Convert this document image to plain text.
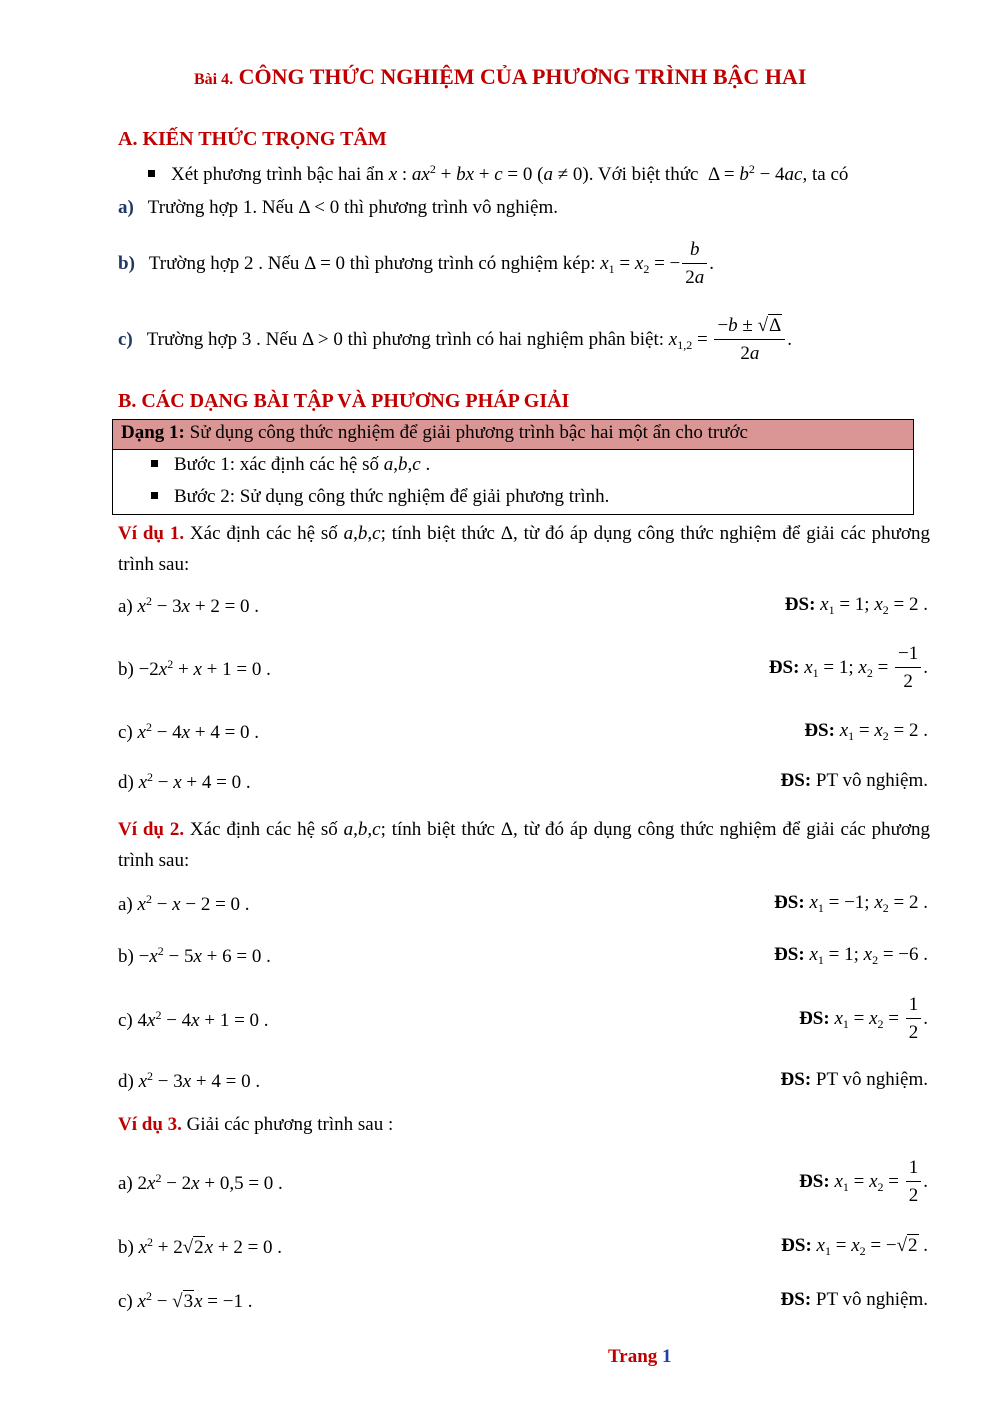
Bài 4. CÔNG THỨC NGHIỆM CỦA PHƯƠNG TRÌNH BẬC HAI
A. KIẾN THỨC TRỌNG TÂM
Xét phương trình bậc hai ẩn x : $ax^2$ + bx + c = 0 (a ≠ 0). Với biệt thức  $\Delta = b^2 - 4ac$, ta có
a) Trường hợp 1. Nếu Δ < 0 thì phương trình vô nghiệm.
b) Trường hợp 2 . Nếu Δ = 0 thì phương trình có nghiệm kép: $x_1 = x_2$ = − $\frac{b}{2a}$ .
c) Trường hợp 3 . Nếu Δ > 0 thì phương trình có hai nghiệm phân biệt: $x_{1,2} = \frac{-b \pm √\Delta}{2a}$ .
B. CÁC DẠNG BÀI TẬP VÀ PHƯƠNG PHÁP GIẢI
Dạng 1: Sử dụng công thức nghiệm để giải phương trình bậc hai một ẩn cho trước
Bước 1: xác định các hệ số a,b,c .
Bước 2: Sử dụng công thức nghiệm để giải phương trình.
Ví dụ 1. Xác định các hệ số a,b,c; tính biệt thức Δ, từ đó áp dụng công thức nghiệm để giải các phương trình sau:
a) $x^2 - 3x + 2 = 0$ .	ĐS: $x_1 = 1$; $x_2 = 2$ .
$b) -2x^2 + x + 1 = 0$ .	ĐS: $x_1 = 1$; $x_2 = \frac{-1}{2}$ .
c) $x^2 - 4x + 4 = 0$ .	ĐS: $x_1 = x_2 = 2$ .
d) $x^2 - x + 4 = 0$ .	ĐS: PT vô nghiệm.
Ví dụ 2. Xác định các hệ số a,b,c; tính biệt thức Δ, từ đó áp dụng công thức nghiệm để giải các phương trình sau:
a) $x^2 - x - 2 = 0$ .	ĐS: $x_1 = -1$; $x_2 = 2$ .
$b) -x^2 - 5x + 6 = 0$ .	ĐS: $x_1 = 1$; $x_2 = -6$ .
c) $4x^2 - 4x + 1 = 0$ .	ĐS: $x_1 = x_2 = \frac{1}{2}$ .
d) $x^2 - 3x + 4 = 0$ .	ĐS: PT vô nghiệm.
Ví dụ 3. Giải các phương trình sau :
a) $2x^2 - 2x + 0,5 = 0$ .	ĐS: $x_1 = x_2 = \frac{1}{2}$ .
b) $x^2 + 2√2x + 2 = 0$ .	ĐS: $x_1 = x_2 = -√2$ .
c) $x^2 - √3x = -1$ .	ĐS: PT vô nghiệm.
Trang 1
